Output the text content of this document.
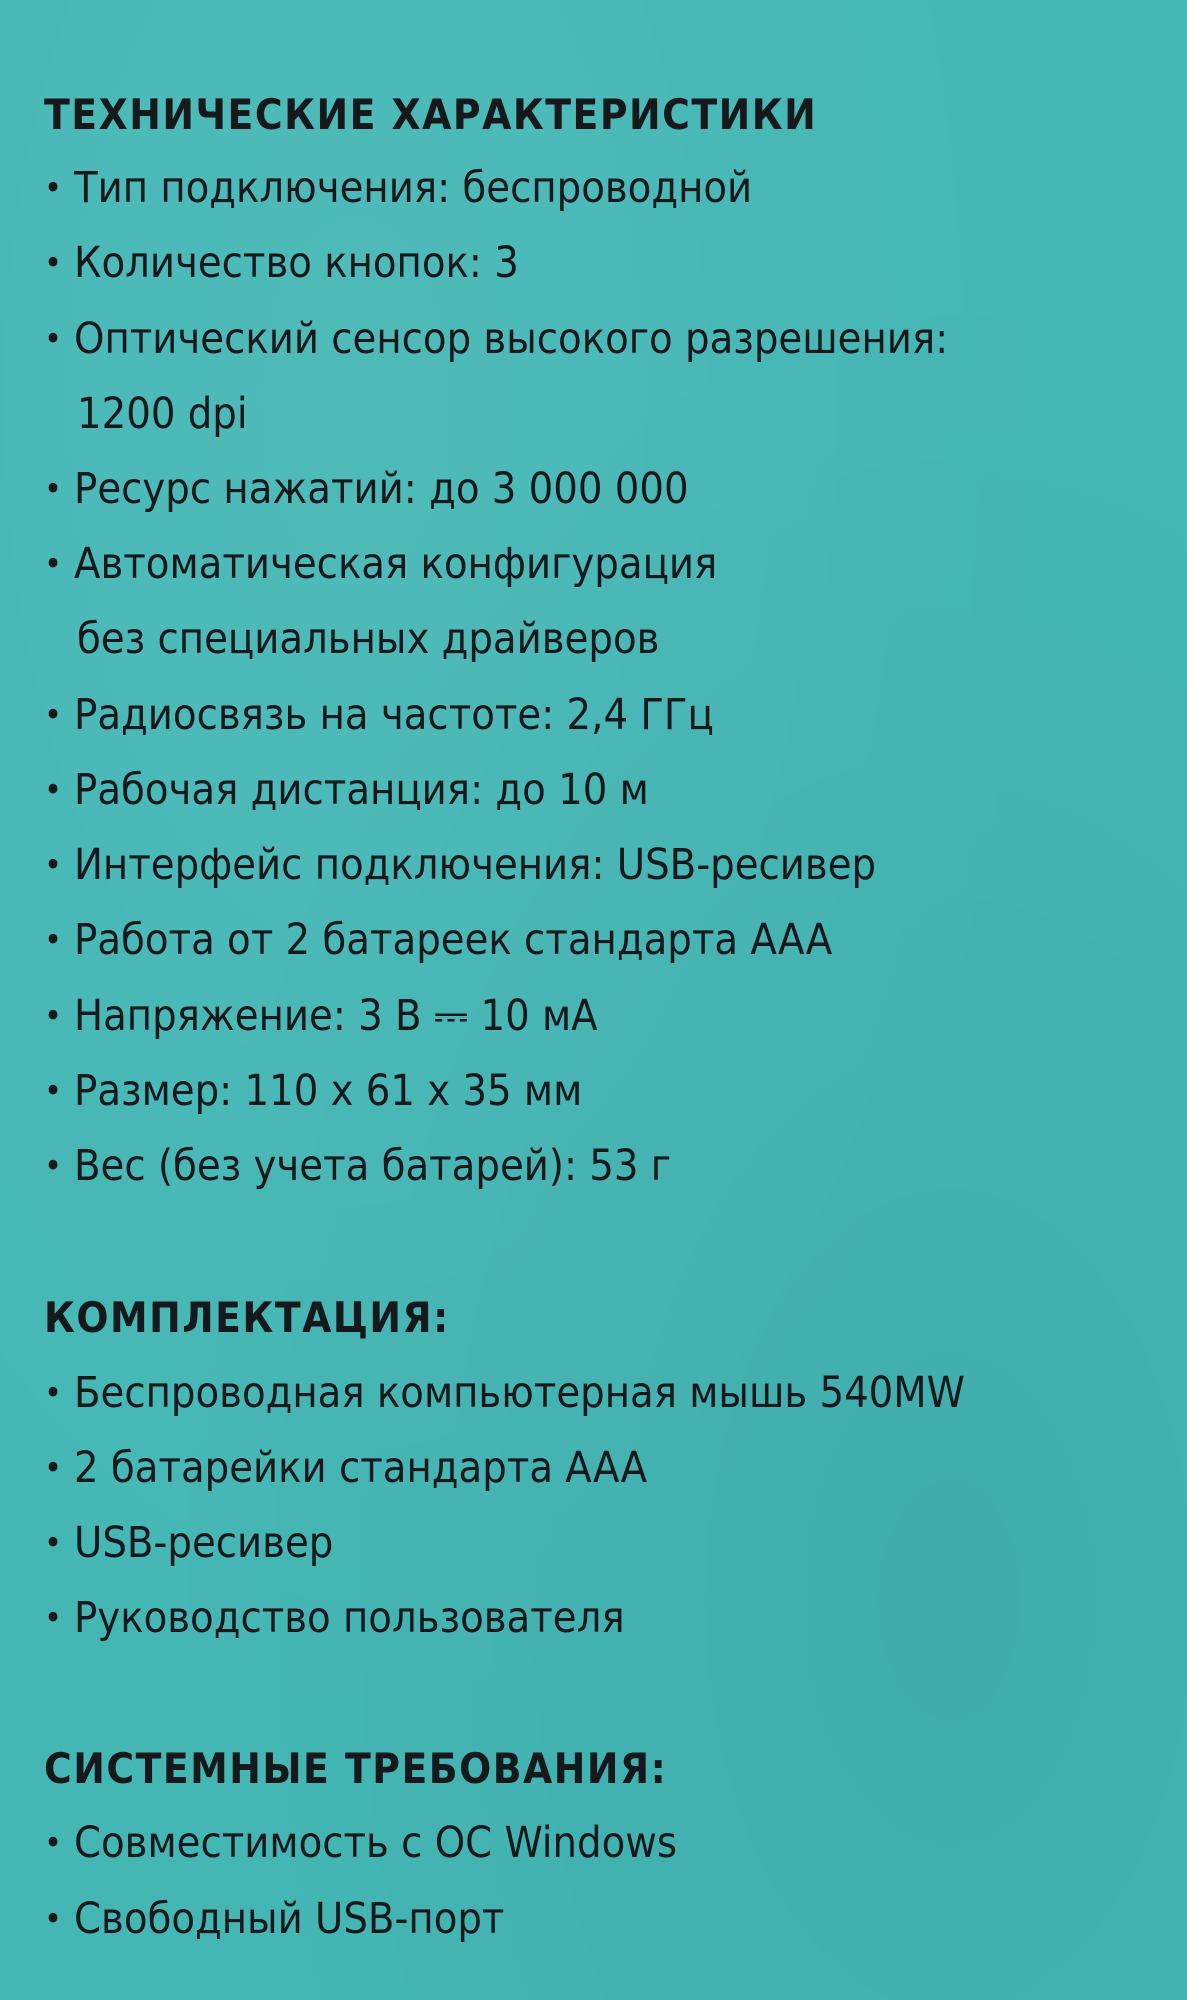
ТЕХНИЧЕСКИЕ ХАРАКТЕРИСТИКИ
• Тип подключения: беспроводной
• Количество кнопок: 3
• Оптический сенсор высокого разрешения:
1200 dpi
• Ресурс нажатий: до 3 000 000
• Автоматическая конфигурация
без специальных драйверов
• Радиосвязь на частоте: 2,4 ГГц
• Рабочая дистанция: до 10 м
• Интерфейс подключения: USB-ресивер
• Работа от 2 батареек стандарта AAA
• Напряжение: 3 В ⎓ 10 мА
• Размер: 110 х 61 х 35 мм
• Вес (без учета батарей): 53 г
КОМПЛЕКТАЦИЯ:
• Беспроводная компьютерная мышь 540MW
• 2 батарейки стандарта AAA
• USB-ресивер
• Руководство пользователя
СИСТЕМНЫЕ ТРЕБОВАНИЯ:
• Совместимость с ОС Windows
• Свободный USB-порт
